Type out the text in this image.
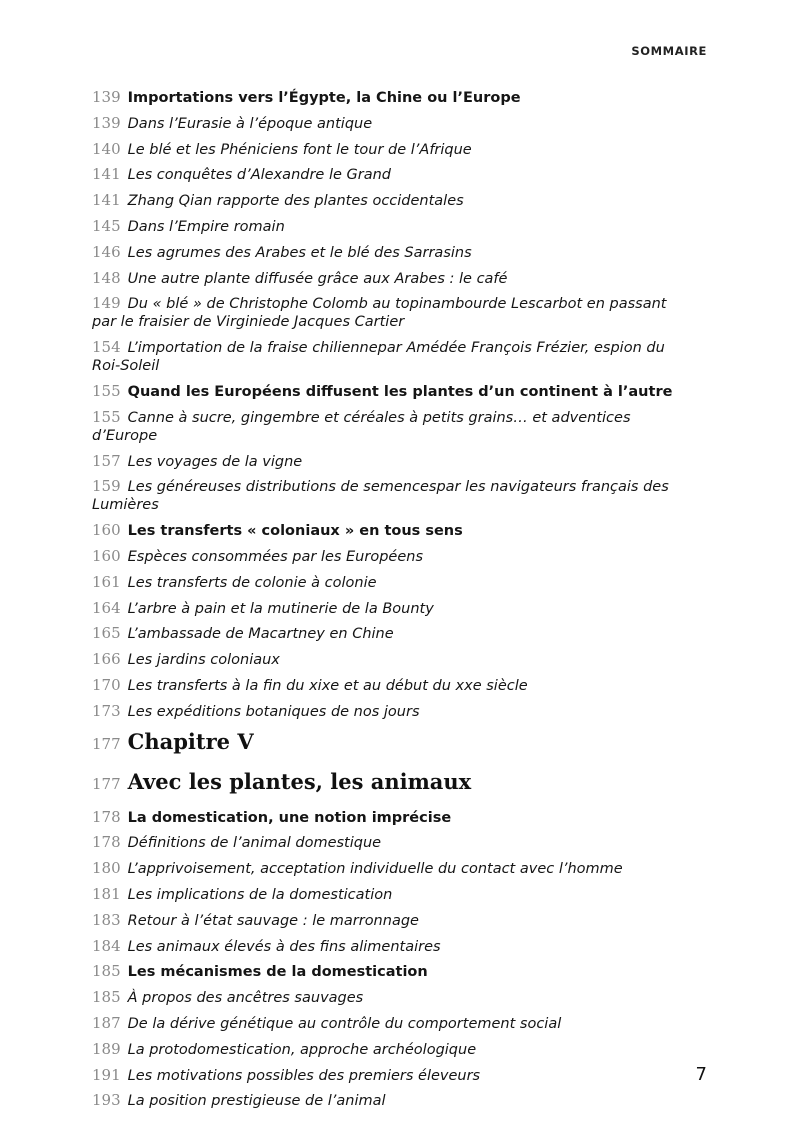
SOMMAIRE
139 Importations vers l’Égypte, la Chine ou l’Europe
139 Dans l’Eurasie à l’époque antique
140 Le blé et les Phéniciens font le tour de l’Afrique
141 Les conquêtes d’Alexandre le Grand
141 Zhang Qian rapporte des plantes occidentales
145 Dans l’Empire romain
146 Les agrumes des Arabes et le blé des Sarrasins
148 Une autre plante diffusée grâce aux Arabes : le café
149 Du « blé » de Christophe Colomb au topinambourde Lescarbot en passant par le fraisier de Virginiede Jacques Cartier
154 L’importation de la fraise chiliennepar Amédée François Frézier, espion du Roi-Soleil
155 Quand les Européens diffusent les plantes d’un continent à l’autre
155 Canne à sucre, gingembre et céréales à petits grains… et adventices d’Europe
157 Les voyages de la vigne
159 Les généreuses distributions de semencespar les navigateurs français des Lumières
160 Les transferts « coloniaux » en tous sens
160 Espèces consommées par les Européens
161 Les transferts de colonie à colonie
164 L’arbre à pain et la mutinerie de la Bounty
165 L’ambassade de Macartney en Chine
166 Les jardins coloniaux
170 Les transferts à la fin du xixe et au début du xxe siècle
173 Les expéditions botaniques de nos jours
177 Chapitre V
177 Avec les plantes, les animaux
178 La domestication, une notion imprécise
178 Définitions de l’animal domestique
180 L’apprivoisement, acceptation individuelle du contact avec l’homme
181 Les implications de la domestication
183 Retour à l’état sauvage : le marronnage
184 Les animaux élevés à des fins alimentaires
185 Les mécanismes de la domestication
185 À propos des ancêtres sauvages
187 De la dérive génétique au contrôle du comportement social
189 La protodomestication, approche archéologique
191 Les motivations possibles des premiers éleveurs
193 La position prestigieuse de l’animal
7
